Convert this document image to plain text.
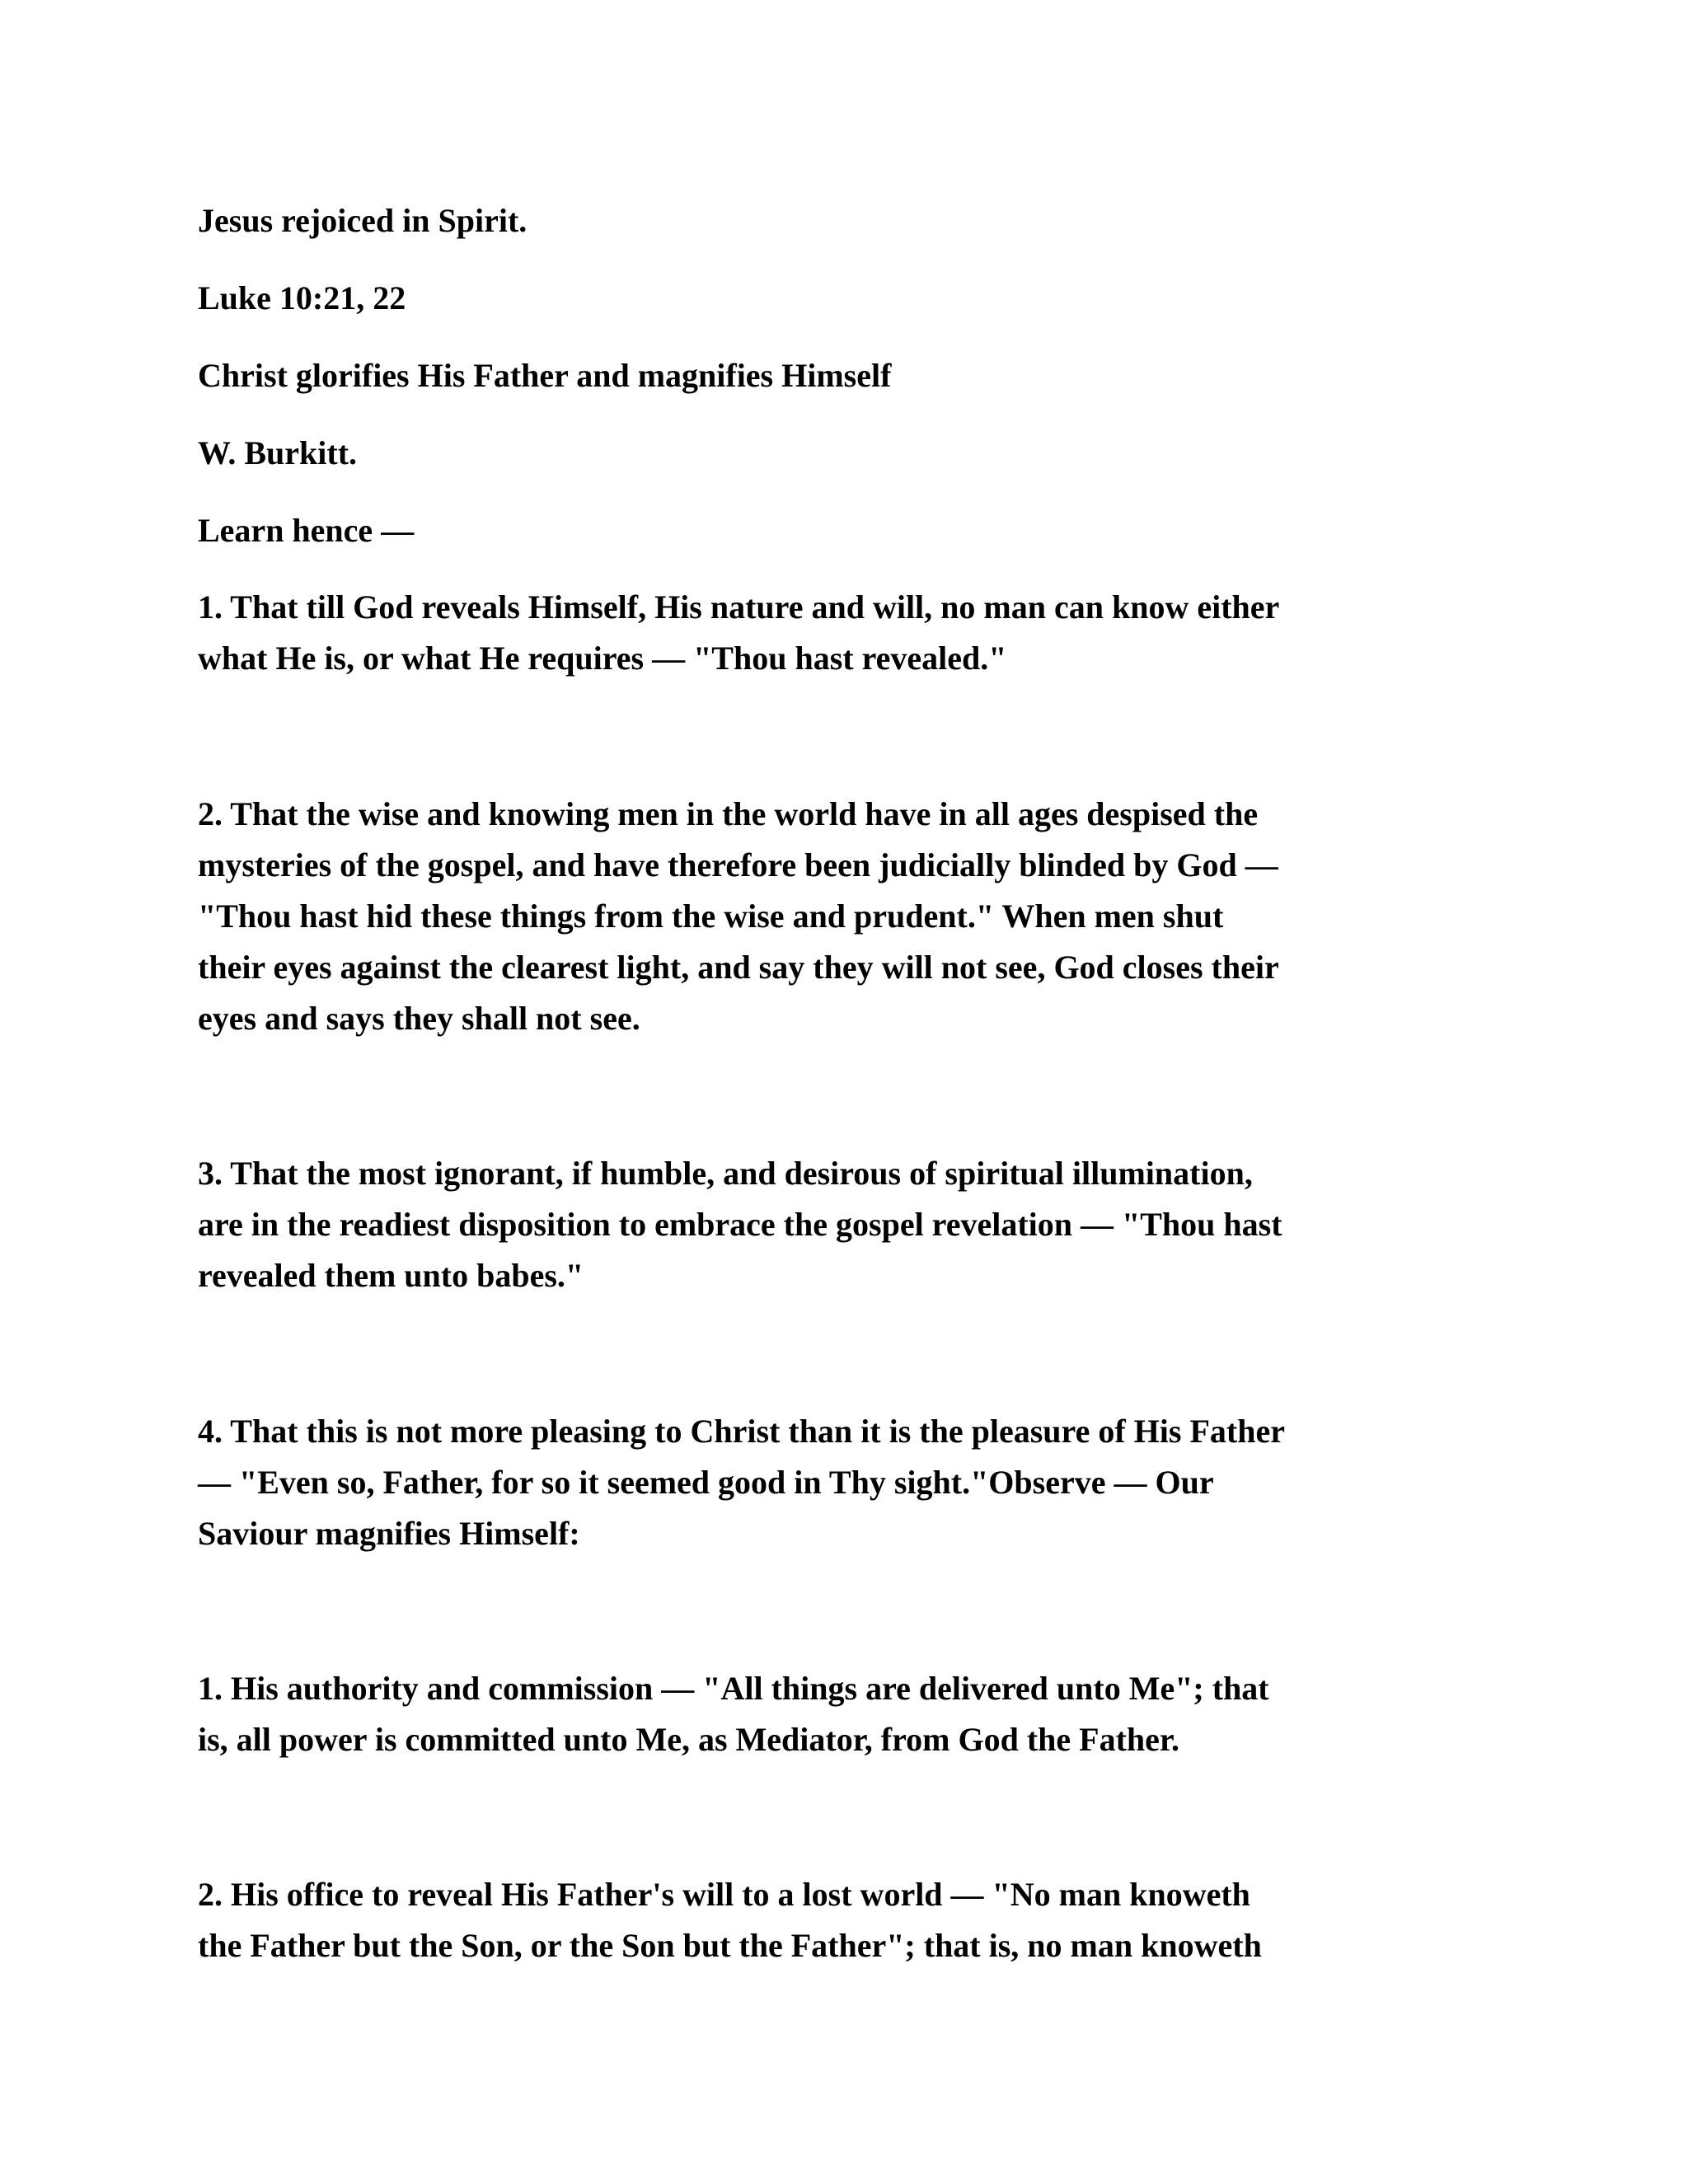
Jesus rejoiced in Spirit.

Luke 10:21, 22

Christ glorifies His Father and magnifies Himself

W. Burkitt.

Learn hence —

1. That till God reveals Himself, His nature and will, no man can know either
what He is, or what He requires — "Thou hast revealed."
2. That the wise and knowing men in the world have in all ages despised the
mysteries of the gospel, and have therefore been judicially blinded by God —
"Thou hast hid these things from the wise and prudent." When men shut
their eyes against the clearest light, and say they will not see, God closes their
eyes and says they shall not see.
3. That the most ignorant, if humble, and desirous of spiritual illumination,
are in the readiest disposition to embrace the gospel revelation — "Thou hast
revealed them unto babes."
4. That this is not more pleasing to Christ than it is the pleasure of His Father
— "Even so, Father, for so it seemed good in Thy sight."Observe — Our
Saviour magnifies Himself:
1. His authority and commission — "All things are delivered unto Me"; that
is, all power is committed unto Me, as Mediator, from God the Father.
2. His office to reveal His Father's will to a lost world — "No man knoweth
the Father but the Son, or the Son but the Father"; that is, no man knoweth
